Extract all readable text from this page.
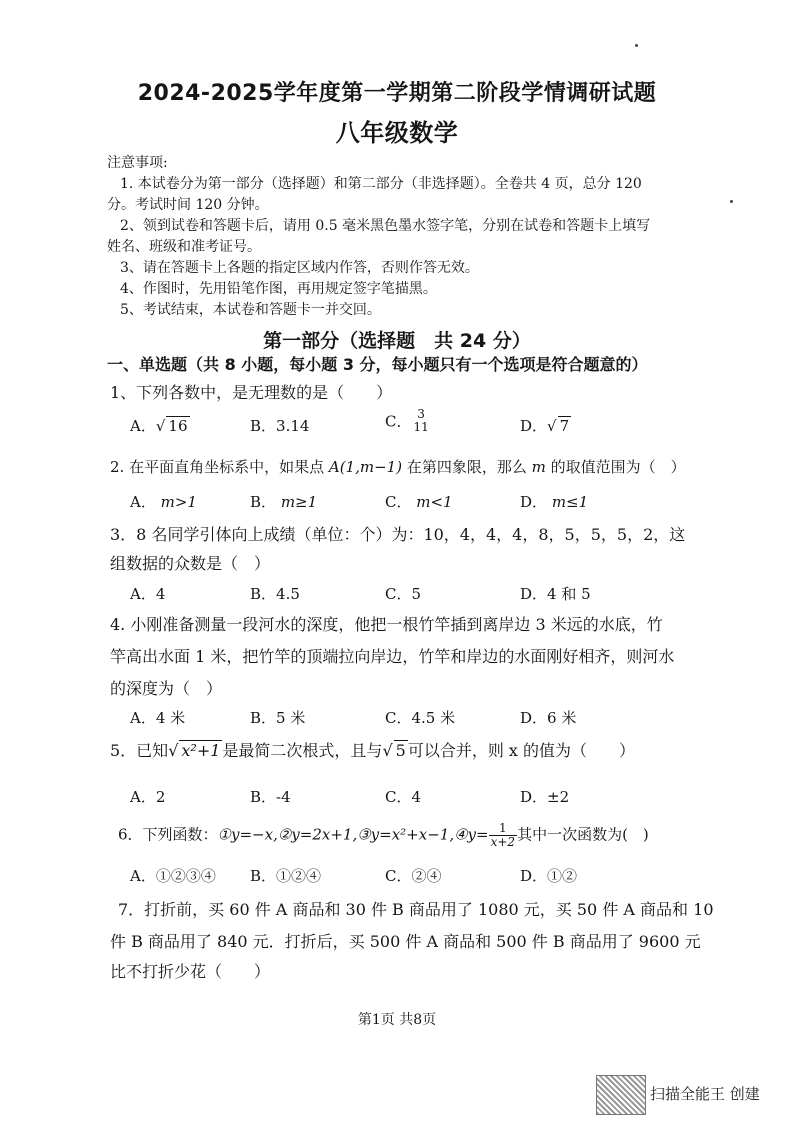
2024-2025学年度第一学期第二阶段学情调研试题
八年级数学
注意事项:
1. 本试卷分为第一部分（选择题）和第二部分（非选择题）。全卷共 4 页，总分 120
分。考试时间 120 分钟。
2、领到试卷和答题卡后，请用 0.5 毫米黑色墨水签字笔，分别在试卷和答题卡上填写
姓名、班级和准考证号。
3、请在答题卡上各题的指定区域内作答，否则作答无效。
4、作图时，先用铅笔作图，再用规定签字笔描黑。
5、考试结束，本试卷和答题卡一并交回。
第一部分（选择题　共 24 分）
一、单选题（共 8 小题，每小题 3 分，每小题只有一个选项是符合题意的）
1、下列各数中，是无理数的是（　　）
A．√ 16	B．3.14	C． 3
11	D．√ 7
2. 在平面直角坐标系中，如果点 A(1,m−1) 在第四象限，那么 m 的取值范围为（　）
A． m>1	B． m≥1	C． m<1	D． m≤1
3．8 名同学引体向上成绩（单位：个）为：10，4，4，4，8，5，5，5，2，这
组数据的众数是（　）
A．4	B．4.5	C．5	D．4 和 5
4. 小刚准备测量一段河水的深度，他把一根竹竿插到离岸边 3 米远的水底，竹
竿高出水面 1 米，把竹竿的顶端拉向岸边，竹竿和岸边的水面刚好相齐，则河水
的深度为（　）
A．4 米	B．5 米	C．4.5 米	D．6 米
5．已知√ x²+1 是最简二次根式，且与√ 5 可以合并，则 x 的值为（　　）
A．2	B．-4	C．4	D．±2
6．下列函数：①y=−x,②y=2x+1,③y=x²+x−1,④y= $\frac{1}{x+2}$ 其中一次函数为(　)
A．①②③④ B．①②④	C．②④	D．①②
7．打折前，买 60 件 A 商品和 30 件 B 商品用了 1080 元，买 50 件 A 商品和 10
件 B 商品用了 840 元．打折后，买 500 件 A 商品和 500 件 B 商品用了 9600 元
比不打折少花（　　）
第1页 共8页
扫描全能王 创建
